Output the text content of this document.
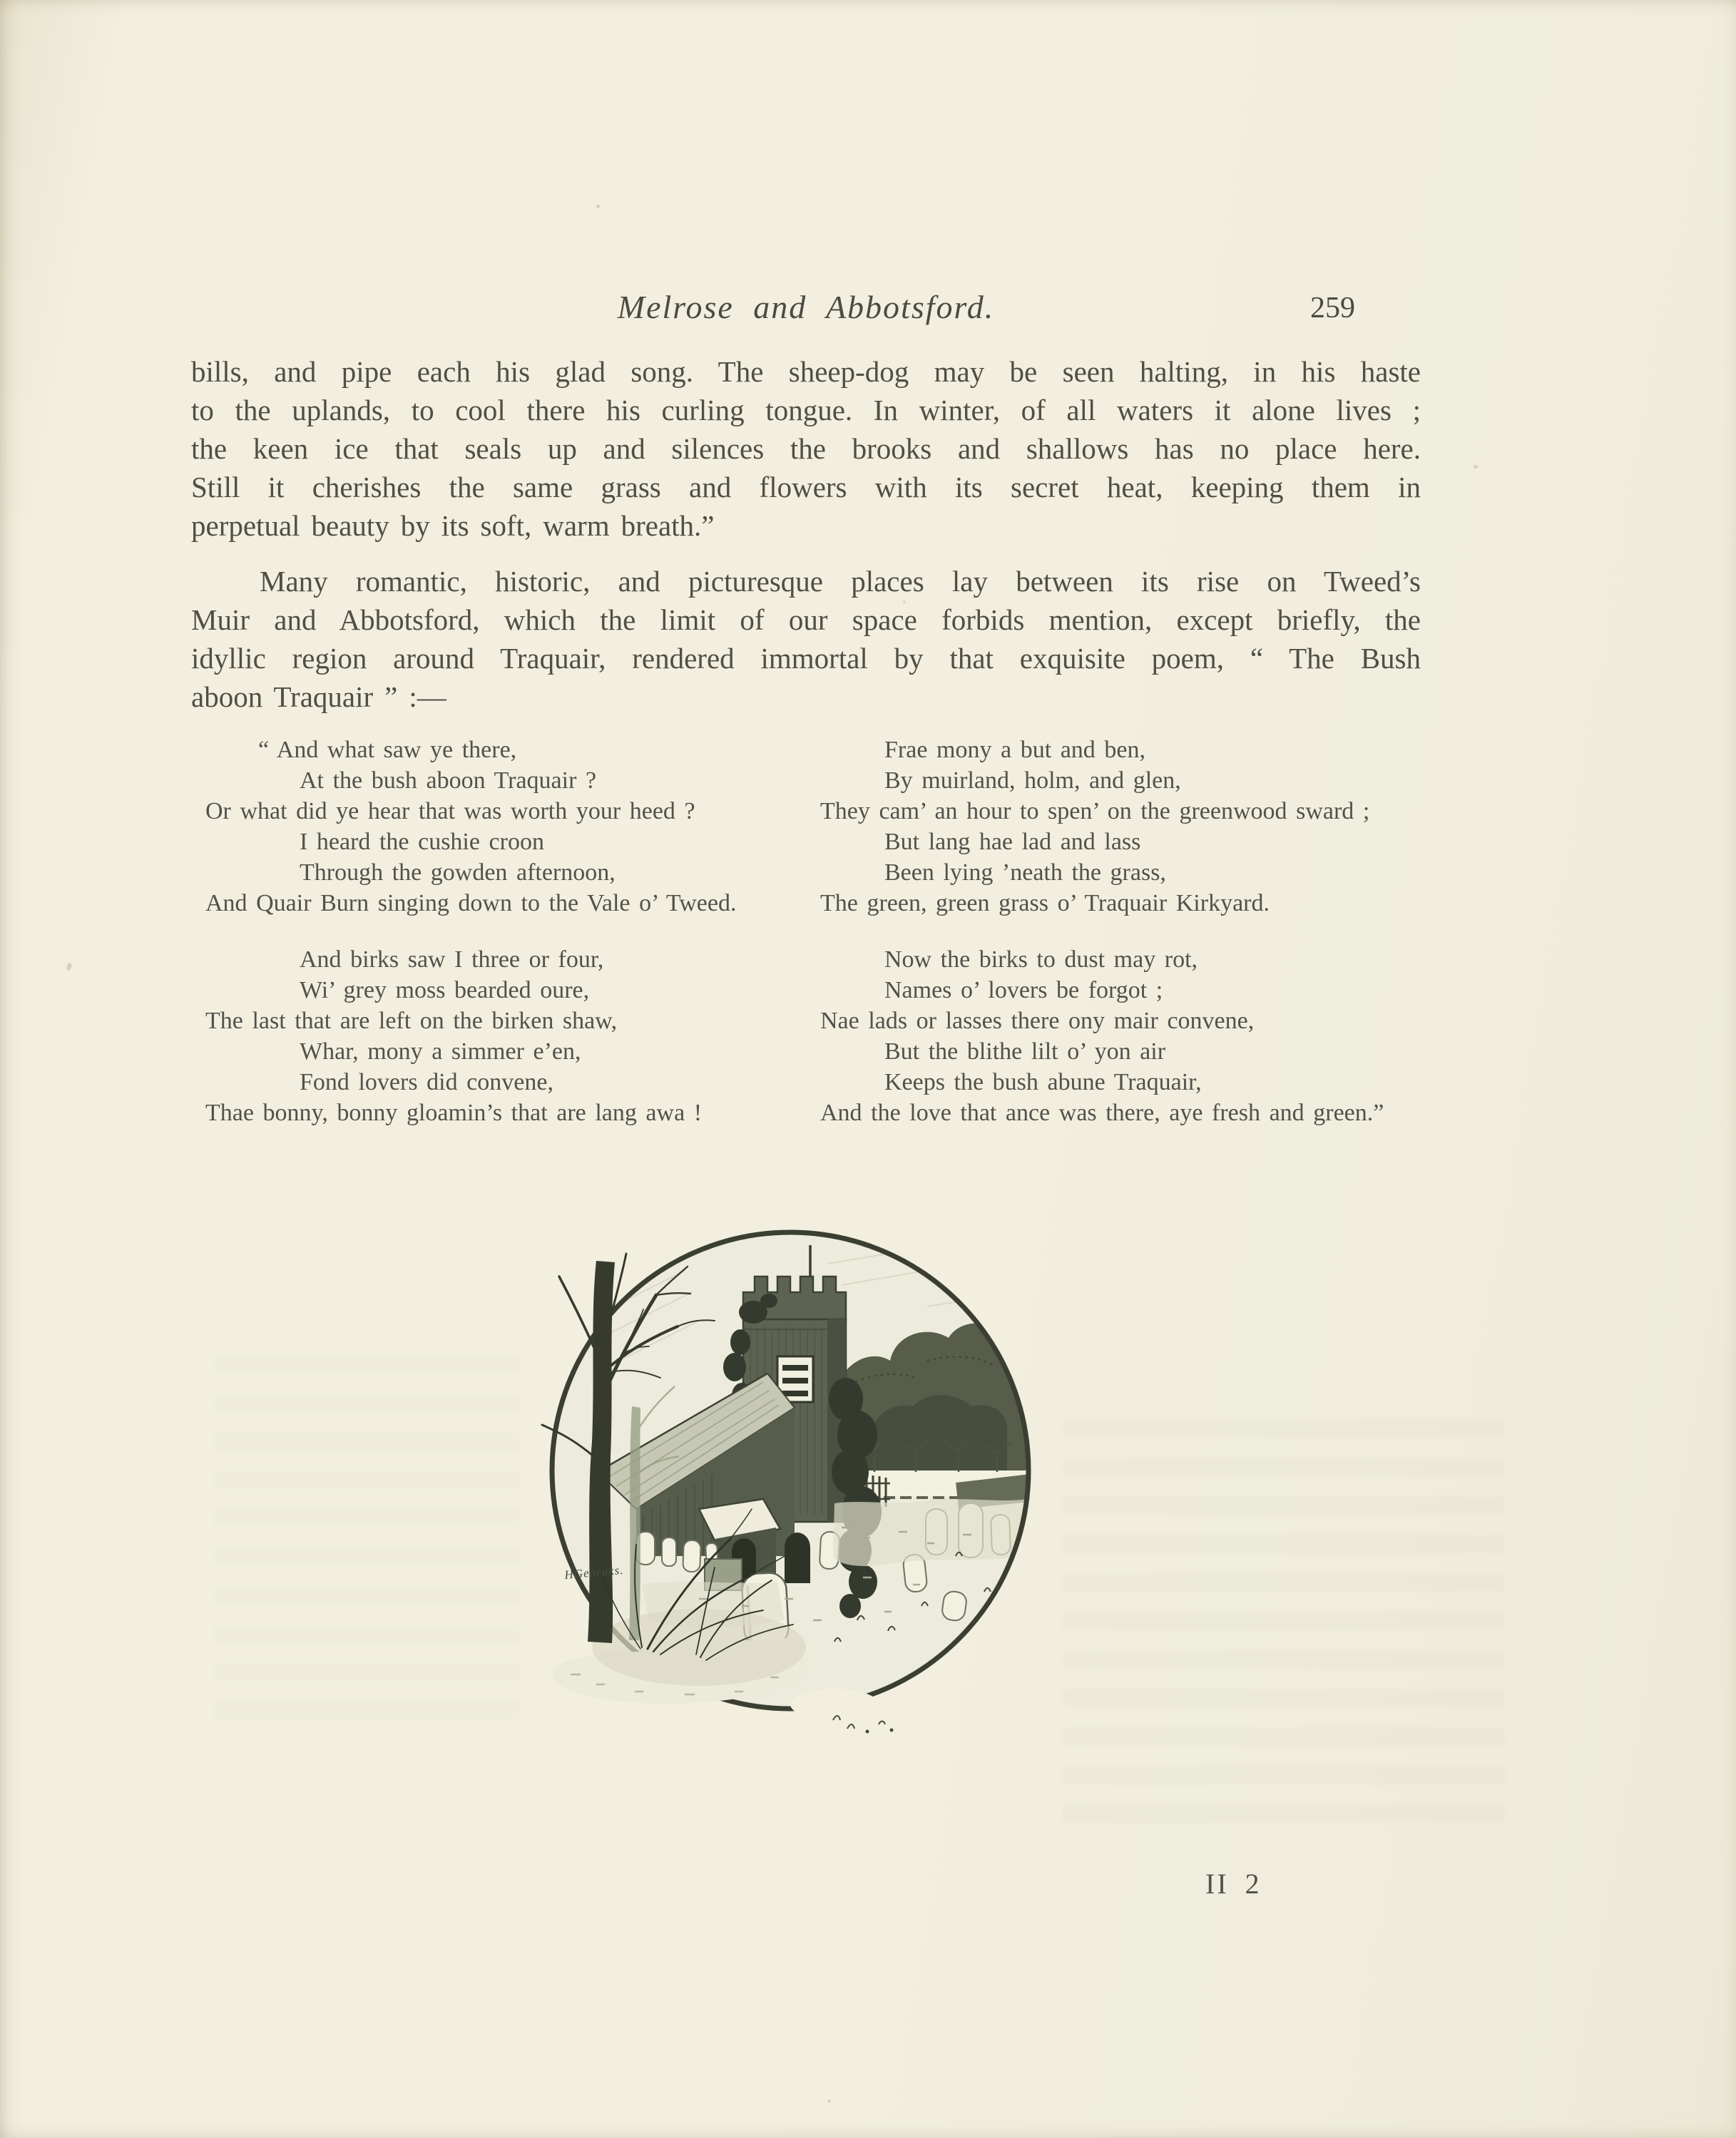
Melrose and Abbotsford.	259
bills, and pipe each his glad song. The sheep-dog may be seen halting, in his haste
to the uplands, to cool there his curling tongue. In winter, of all waters it alone lives ;
the keen ice that seals up and silences the brooks and shallows has no place here.
Still it cherishes the same grass and flowers with its secret heat, keeping them in
perpetual beauty by its soft, warm breath.”
Many romantic, historic, and picturesque places lay between its rise on Tweed’s
Muir and Abbotsford, which the limit of our space forbids mention, except briefly, the
idyllic region around Traquair, rendered immortal by that exquisite poem, “ The Bush
aboon Traquair ” :—
“ And what saw ye there,
At the bush aboon Traquair ?
Or what did ye hear that was worth your heed ?
I heard the cushie croon
Through the gowden afternoon,
And Quair Burn singing down to the Vale o’ Tweed.
And birks saw I three or four,
Wi’ grey moss bearded oure,
The last that are left on the birken shaw,
Whar, mony a simmer e’en,
Fond lovers did convene,
Thae bonny, bonny gloamin’s that are lang awa !
Frae mony a but and ben,
By muirland, holm, and glen,
They cam’ an hour to spen’ on the greenwood sward ;
But lang hae lad and lass
Been lying ’neath the grass,
The green, green grass o’ Traquair Kirkyard.
Now the birks to dust may rot,
Names o’ lovers be forgot ;
Nae lads or lasses there ony mair convene,
But the blithe lilt o’ yon air
Keeps the bush abune Traquair,
And the love that ance was there, aye fresh and green.”
HGeoraks.
II 2
